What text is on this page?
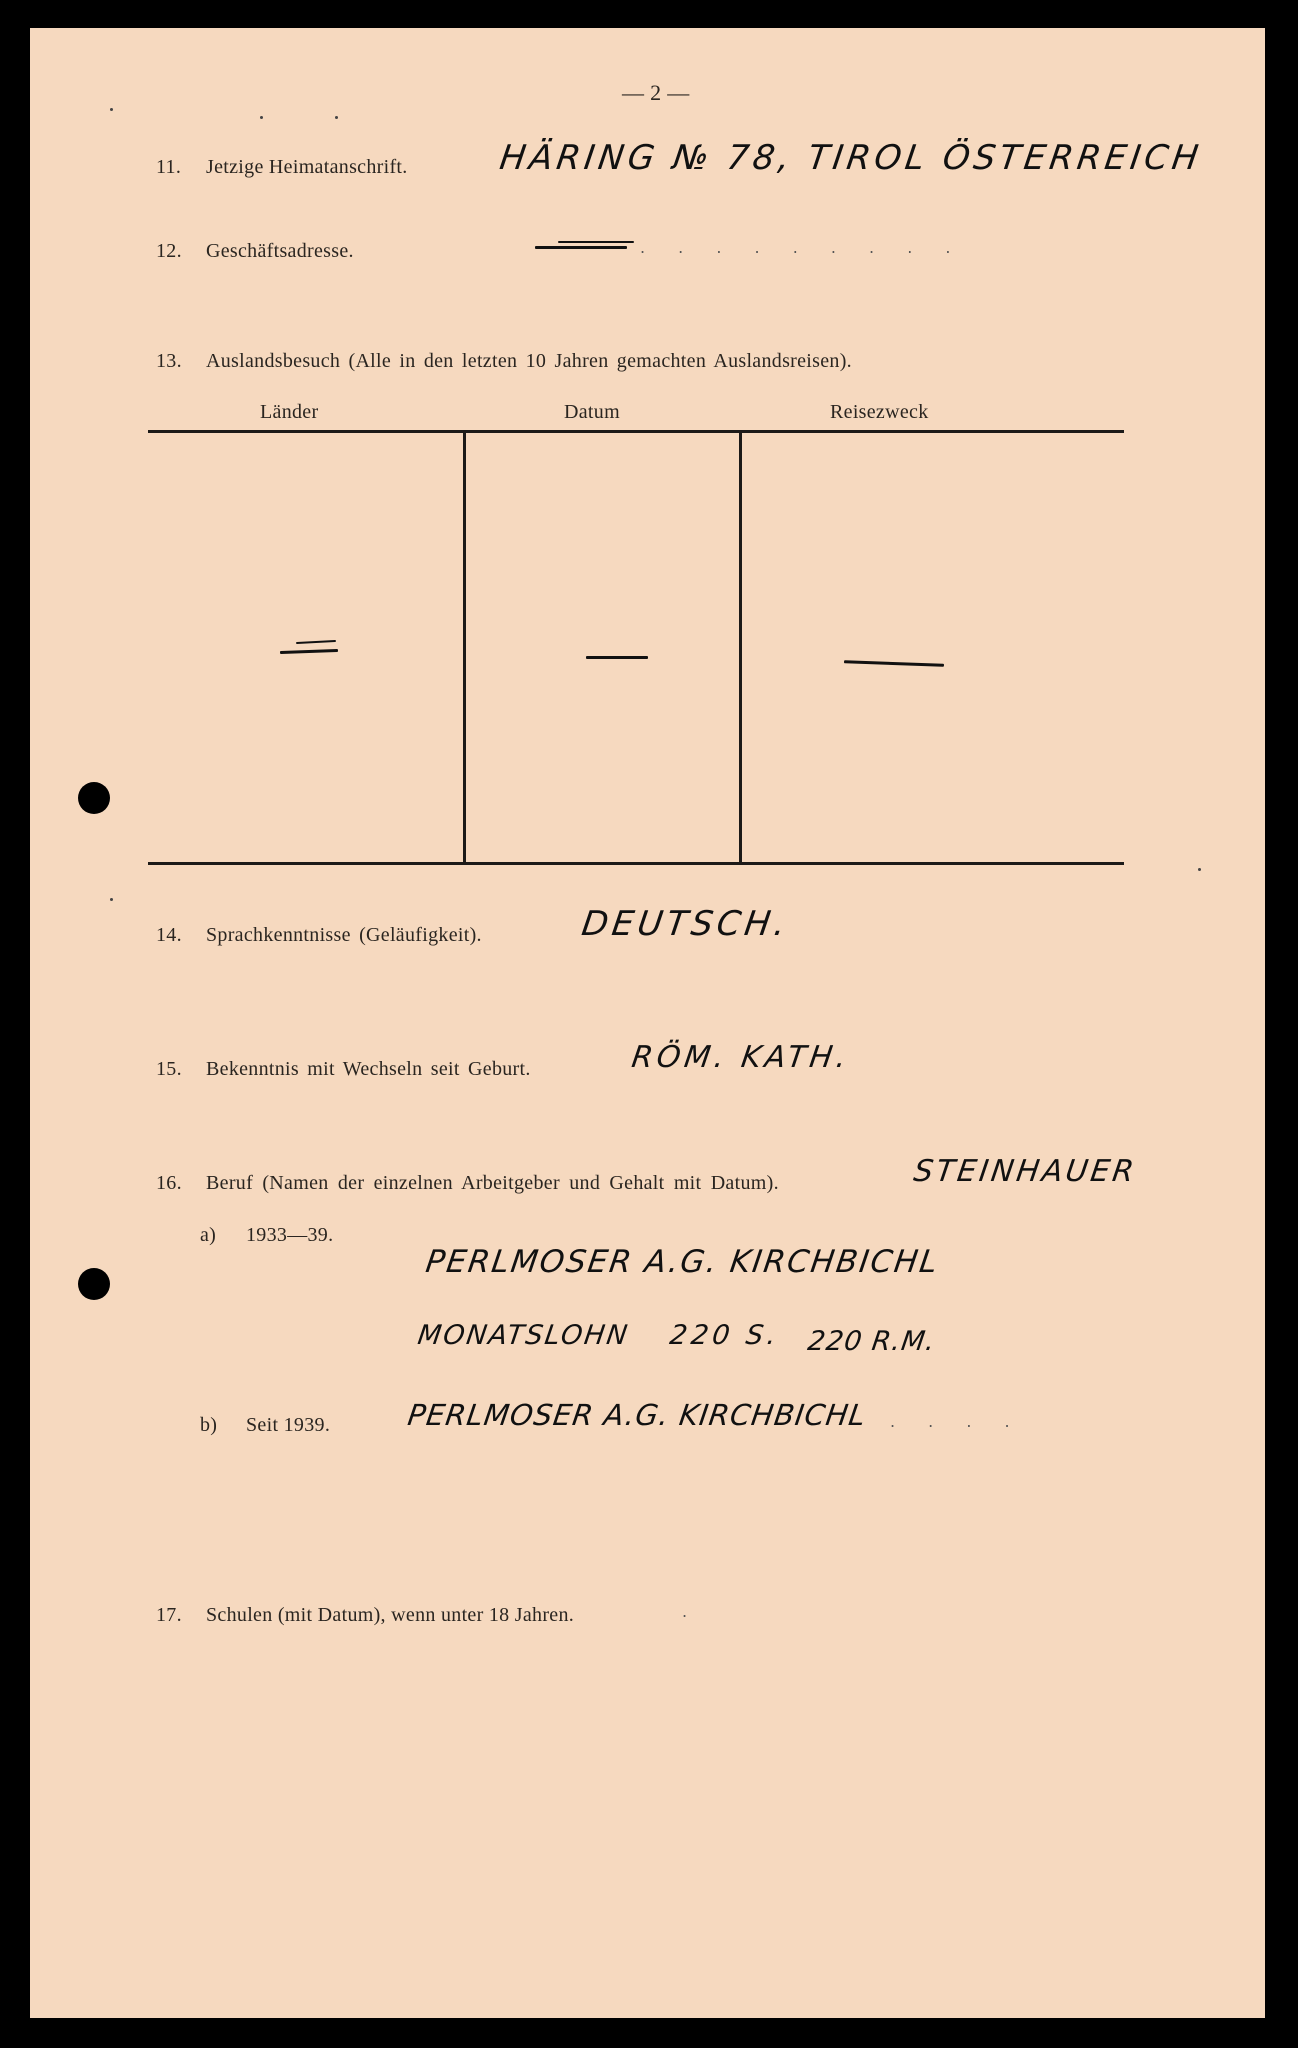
— 2 —
11. Jetzige Heimatanschrift.	HÄRING № 78, TIROL ÖSTERREICH
12. Geschäftsadresse.	. . . . . . . . .
13. Auslandsbesuch (Alle in den letzten 10 Jahren gemachten Auslandsreisen).
Länder	Datum	Reisezweck
14. Sprachkenntnisse (Geläufigkeit).	DEUTSCH.
15. Bekenntnis mit Wechseln seit Geburt.	RÖM. KATH.
16. Beruf (Namen der einzelnen Arbeitgeber und Gehalt mit Datum).	STEINHAUER
a) 1933—39.
PERLMOSER A.G. KIRCHBICHL
MONATSLOHN 220 S. 220 R.M.
b) Seit 1939.	PERLMOSER A.G. KIRCHBICHL . . . .
17. Schulen (mit Datum), wenn unter 18 Jahren.	.
